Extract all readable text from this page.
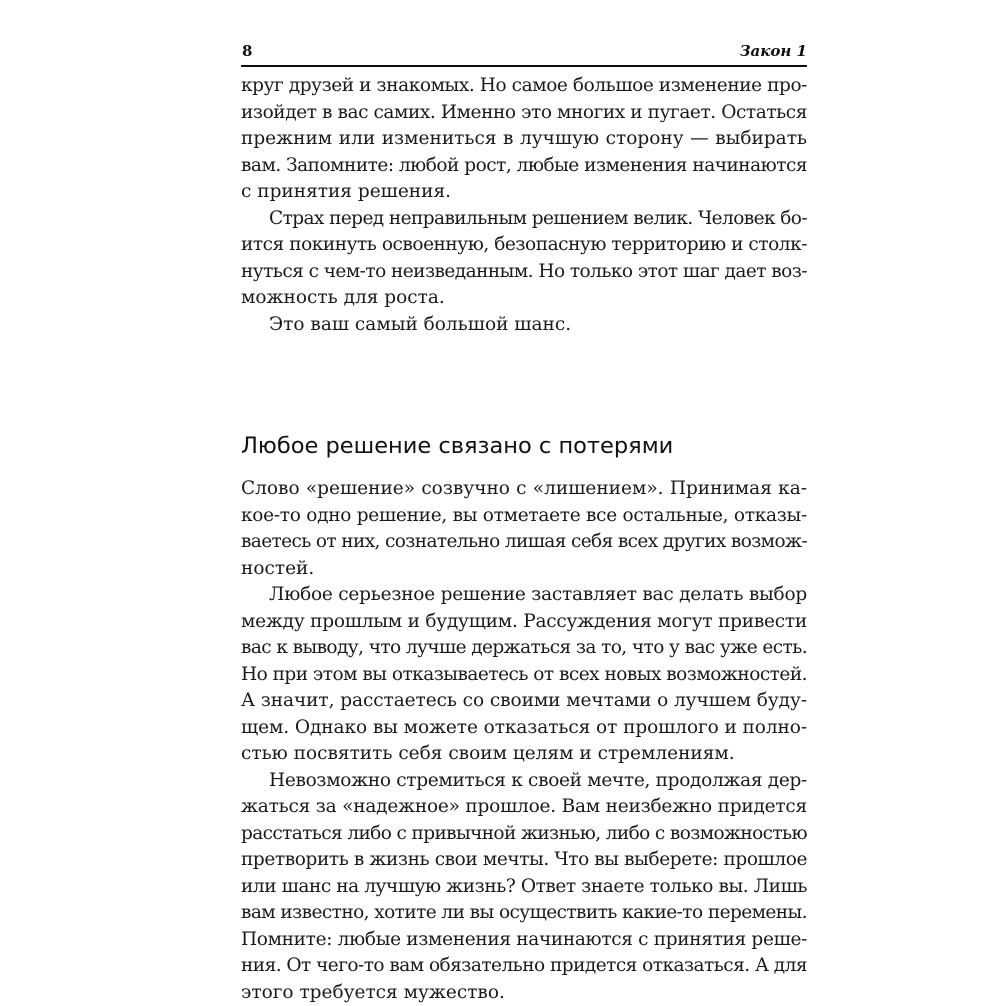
8	Закон 1
круг друзей и знакомых. Но самое большое изменение про-
изойдет в вас самих. Именно это многих и пугает. Остаться
прежним или измениться в лучшую сторону — выбирать
вам. Запомните: любой рост, любые изменения начинаются
с принятия решения.
Страх перед неправильным решением велик. Человек бо-
ится покинуть освоенную, безопасную территорию и столк-
нуться с чем-то неизведанным. Но только этот шаг дает воз-
можность для роста.
Это ваш самый большой шанс.
Любое решение связано с потерями
Слово «решение» созвучно с «лишением». Принимая ка-
кое-то одно решение, вы отметаете все остальные, отказы-
ваетесь от них, сознательно лишая себя всех других возмож-
ностей.
Любое серьезное решение заставляет вас делать выбор
между прошлым и будущим. Рассуждения могут привести
вас к выводу, что лучше держаться за то, что у вас уже есть.
Но при этом вы отказываетесь от всех новых возможностей.
А значит, расстаетесь со своими мечтами о лучшем буду-
щем. Однако вы можете отказаться от прошлого и полно-
стью посвятить себя своим целям и стремлениям.
Невозможно стремиться к своей мечте, продолжая дер-
жаться за «надежное» прошлое. Вам неизбежно придется
расстаться либо с привычной жизнью, либо с возможностью
претворить в жизнь свои мечты. Что вы выберете: прошлое
или шанс на лучшую жизнь? Ответ знаете только вы. Лишь
вам известно, хотите ли вы осуществить какие-то перемены.
Помните: любые изменения начинаются с принятия реше-
ния. От чего-то вам обязательно придется отказаться. А для
этого требуется мужество.
